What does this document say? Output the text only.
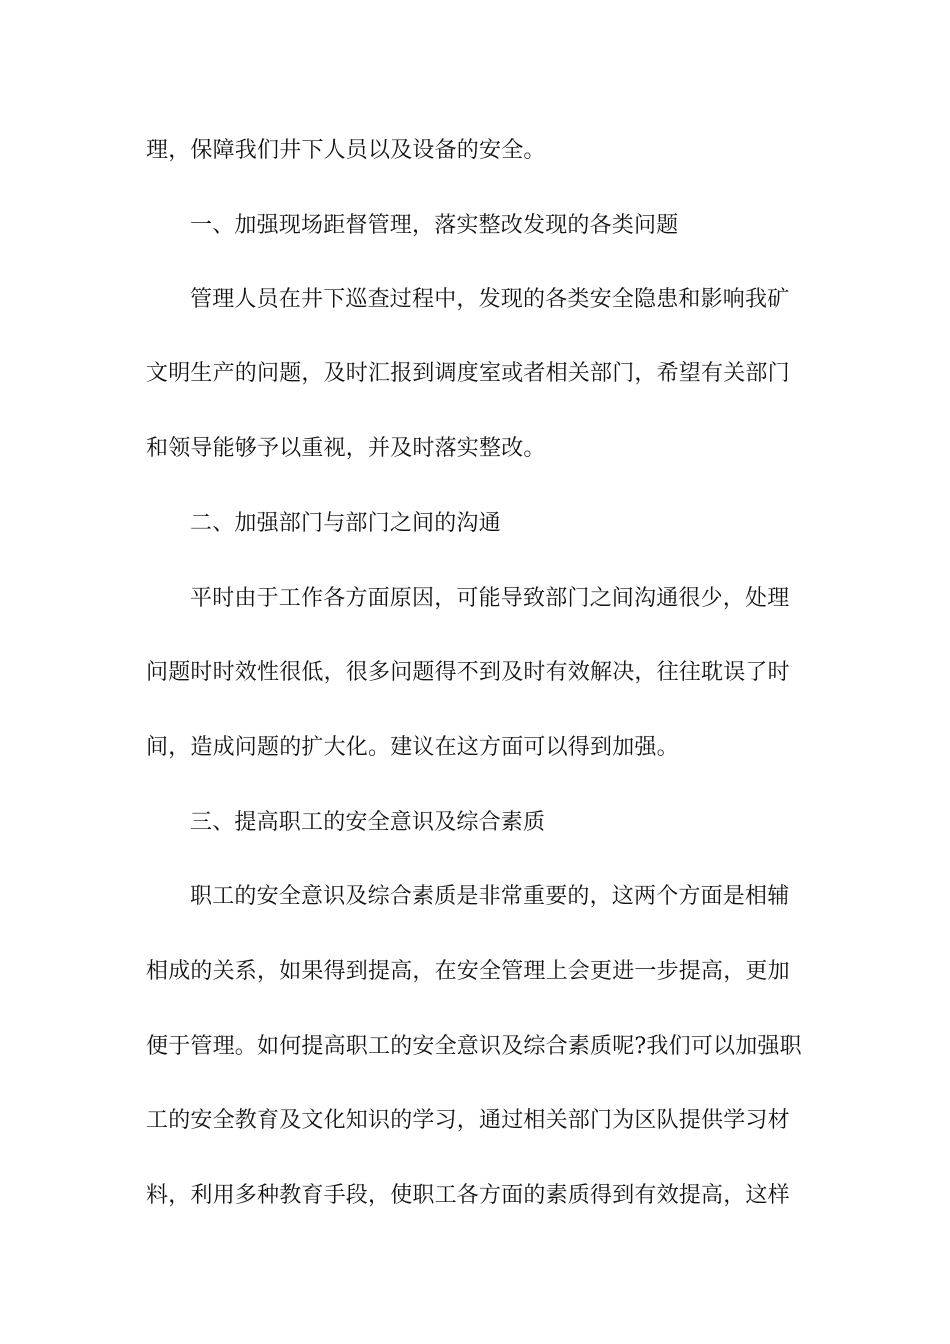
理，保障我们井下人员以及设备的安全。
一、加强现场距督管理，落实整改发现的各类问题
管理人员在井下巡查过程中，发现的各类安全隐患和影响我矿
文明生产的问题，及时汇报到调度室或者相关部门，希望有关部门
和领导能够予以重视，并及时落实整改。
二、加强部门与部门之间的沟通
平时由于工作各方面原因，可能导致部门之间沟通很少，处理
问题时时效性很低，很多问题得不到及时有效解决，往往耽误了时
间，造成问题的扩大化。建议在这方面可以得到加强。
三、提高职工的安全意识及综合素质
职工的安全意识及综合素质是非常重要的，这两个方面是相辅
相成的关系，如果得到提高，在安全管理上会更进一步提高，更加
便于管理。如何提高职工的安全意识及综合素质呢?我们可以加强职
工的安全教育及文化知识的学习，通过相关部门为区队提供学习材
料，利用多种教育手段，使职工各方面的素质得到有效提高，这样
